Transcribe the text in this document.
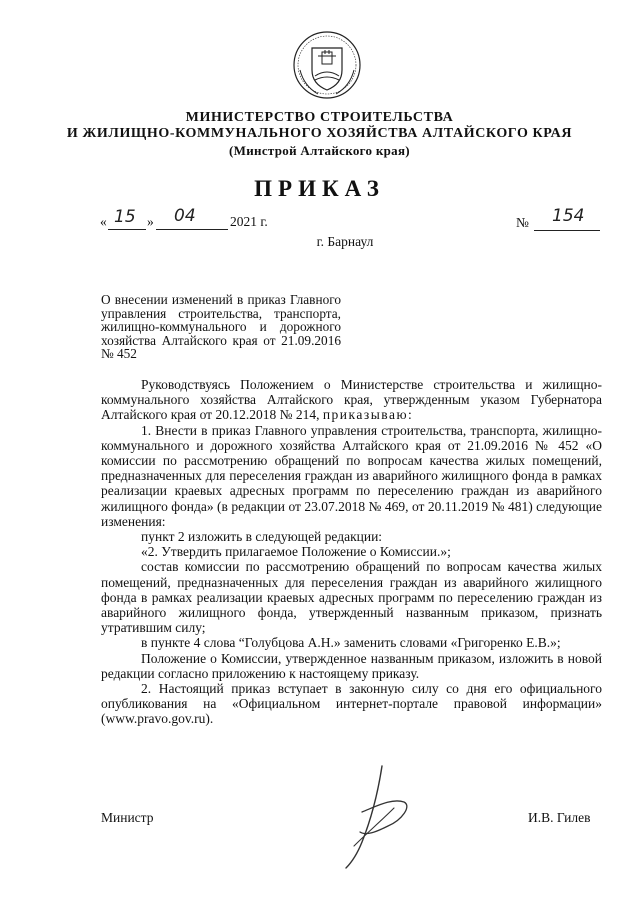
МИНИСТЕРСТВО СТРОИТЕЛЬСТВА
И ЖИЛИЩНО-КОММУНАЛЬНОГО ХОЗЯЙСТВА АЛТАЙСКОГО КРАЯ
(Минстрой Алтайского края)
ПРИКАЗ
« 15 » 04	2021 г.	№ 154
г. Барнаул
О внесении изменений в приказ Главного управления строительства, транспорта, жилищно-коммунального и дорожного хозяйства Алтайского края от 21.09.2016 № 452

Руководствуясь Положением о Министерстве строительства и жилищно-коммунального хозяйства Алтайского края, утвержденным указом Губернатора Алтайского края от 20.12.2018 № 214, приказываю:

1. Внести в приказ Главного управления строительства, транспорта, жилищно-коммунального и дорожного хозяйства Алтайского края от 21.09.2016 № 452 «О комиссии по рассмотрению обращений по вопросам качества жилых помещений, предназначенных для переселения граждан из аварийного жилищного фонда в рамках реализации краевых адресных программ по переселению граждан из аварийного жилищного фонда» (в редакции от 23.07.2018 № 469, от 20.11.2019 № 481) следующие изменения:

пункт 2 изложить в следующей редакции:

«2. Утвердить прилагаемое Положение о Комиссии.»;

состав комиссии по рассмотрению обращений по вопросам качества жилых помещений, предназначенных для переселения граждан из аварийного жилищного фонда в рамках реализации краевых адресных программ по переселению граждан из аварийного жилищного фонда, утвержденный названным приказом, признать утратившим силу;

в пункте 4 слова “Голубцова А.Н.» заменить словами «Григоренко Е.В.»;

Положение о Комиссии, утвержденное названным приказом, изложить в новой редакции согласно приложению к настоящему приказу.

2. Настоящий приказ вступает в законную силу со дня его официального опубликования на «Официальном интернет-портале правовой информации» (www.pravo.gov.ru).

Министр	И.В. Гилев
